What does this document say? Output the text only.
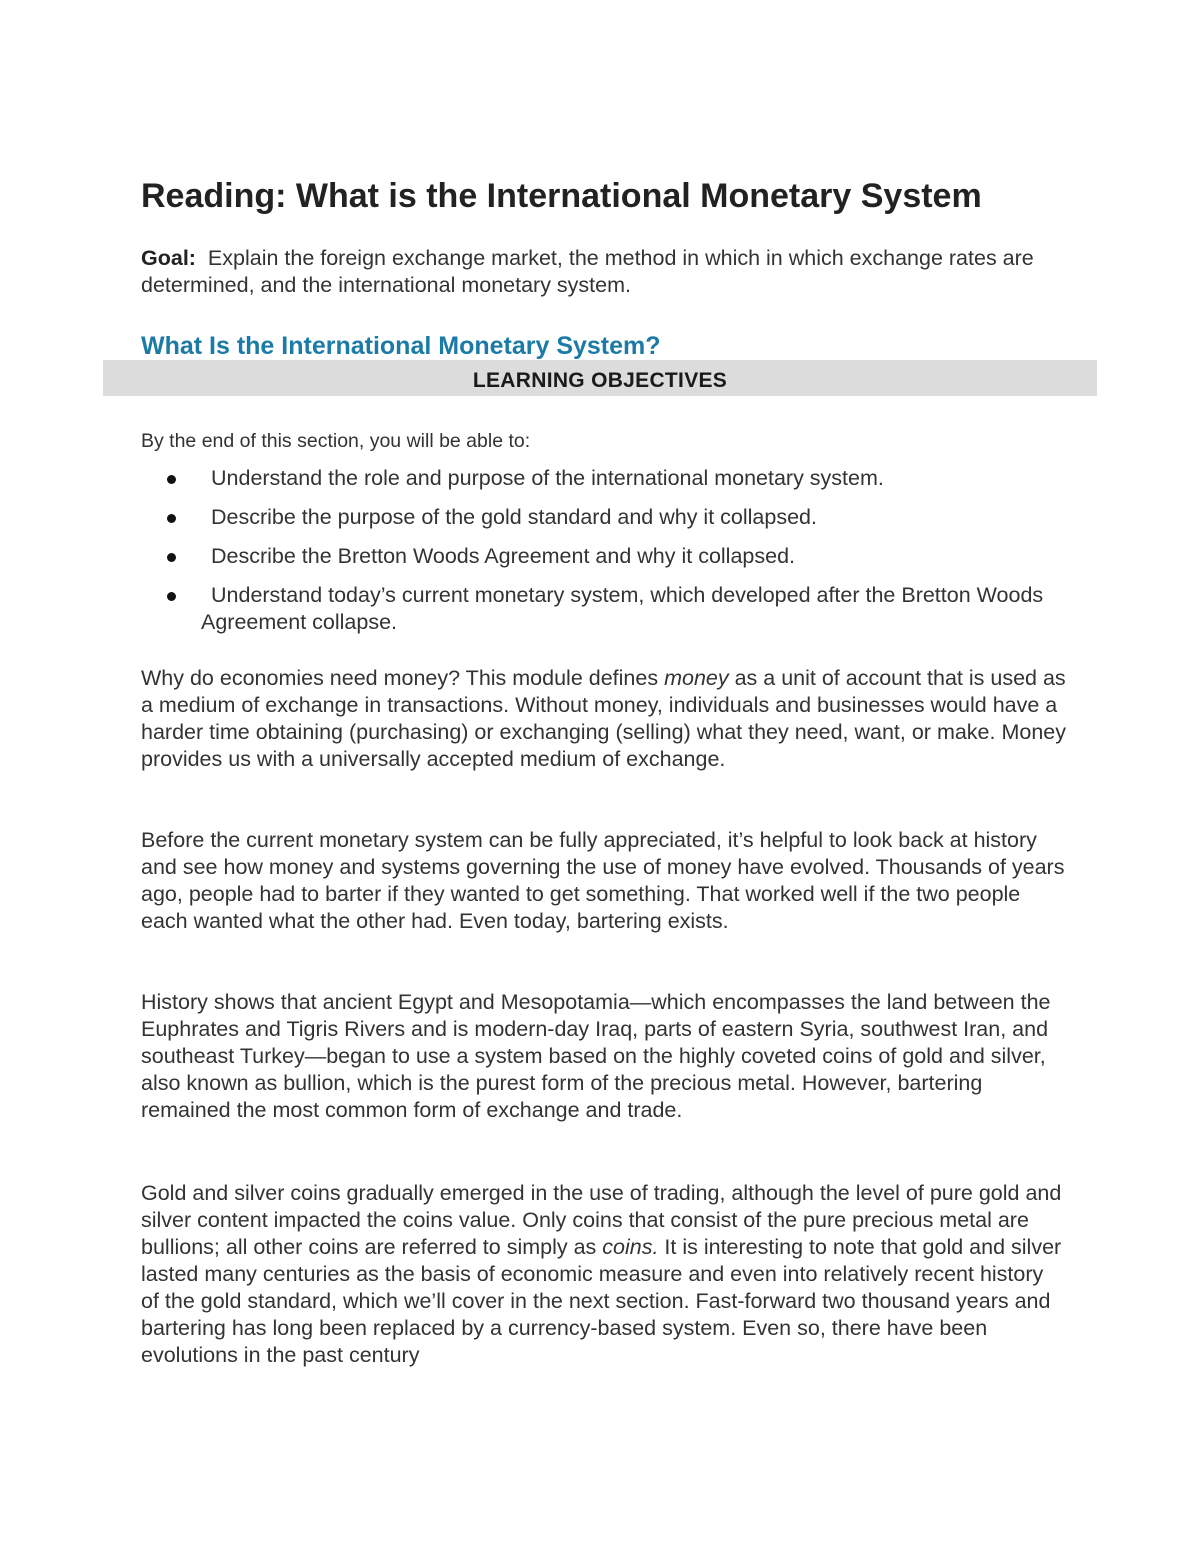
Reading: What is the International Monetary System

Goal: Explain the foreign exchange market, the method in which in which exchange rates are determined, and the international monetary system.

What Is the International Monetary System?
LEARNING OBJECTIVES

By the end of this section, you will be able to:

Understand the role and purpose of the international monetary system.
Describe the purpose of the gold standard and why it collapsed.
Describe the Bretton Woods Agreement and why it collapsed.
Understand today’s current monetary system, which developed after the Bretton Woods Agreement collapse.

Why do economies need money? This module defines money as a unit of account that is used as a medium of exchange in transactions. Without money, individuals and businesses would have a harder time obtaining (purchasing) or exchanging (selling) what they need, want, or make. Money provides us with a universally accepted medium of exchange.

Before the current monetary system can be fully appreciated, it’s helpful to look back at history and see how money and systems governing the use of money have evolved. Thousands of years ago, people had to barter if they wanted to get something. That worked well if the two people each wanted what the other had. Even today, bartering exists.

History shows that ancient Egypt and Mesopotamia—which encompasses the land between the Euphrates and Tigris Rivers and is modern-day Iraq, parts of eastern Syria, southwest Iran, and southeast Turkey—began to use a system based on the highly coveted coins of gold and silver, also known as bullion, which is the purest form of the precious metal. However, bartering remained the most common form of exchange and trade.

Gold and silver coins gradually emerged in the use of trading, although the level of pure gold and silver content impacted the coins value. Only coins that consist of the pure precious metal are bullions; all other coins are referred to simply as coins. It is interesting to note that gold and silver lasted many centuries as the basis of economic measure and even into relatively recent history of the gold standard, which we’ll cover in the next section. Fast-forward two thousand years and bartering has long been replaced by a currency-based system. Even so, there have been evolutions in the past century
